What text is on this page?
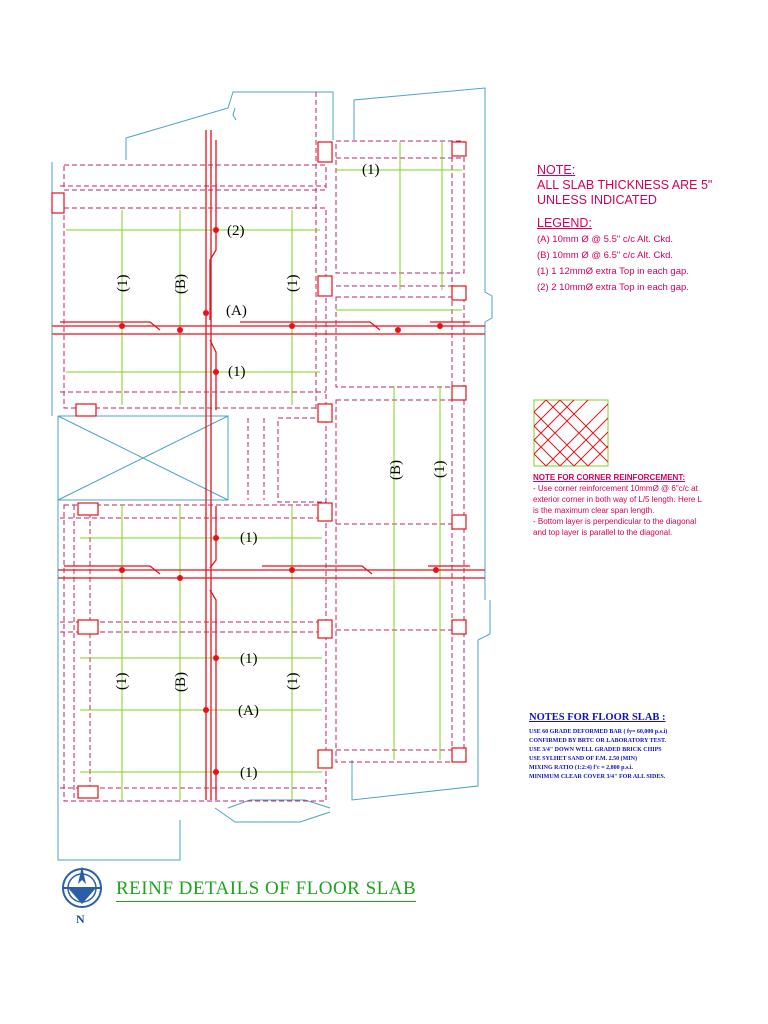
(1)
(2)
(A)
(1)
(1)
(1)
(A)
(1)
(1)	(B)	(1)
(B) (1)
(1)	(B)	(1)
NOTE:
ALL SLAB THICKNESS ARE 5"
UNLESS INDICATED
LEGEND:
(A) 10mm Ø @ 5.5" c/c Alt. Ckd.
(B) 10mm Ø @ 6.5" c/c Alt. Ckd.
(1) 1 12mmØ extra Top in each gap.
(2) 2 10mmØ extra Top in each gap.
NOTE FOR CORNER REINFORCEMENT:
- Use corner reinforcement 10mmØ @ 6"c/c at
exterior corner in both way of L/5 length. Here L
is the maximum clear span length.
- Bottom layer is perpendicular to the diagonal
and top layer is parallel to the diagonal.
NOTES FOR FLOOR SLAB :
USE 60 GRADE DEFORMED BAR ( fy= 60,000 p.s.i)
CONFIRMED BY BRTC OR LABORATORY TEST.
USE 3/4" DOWN WELL GRADED BRICK CHIPS
USE SYLHET SAND OF F.M. 2.50 (MIN)
MIXING RATIO (1:2:4) f'c = 2,800 p.s.i.
MINIMUM CLEAR COVER 3/4" FOR ALL SIDES.
N
REINF DETAILS OF FLOOR SLAB
